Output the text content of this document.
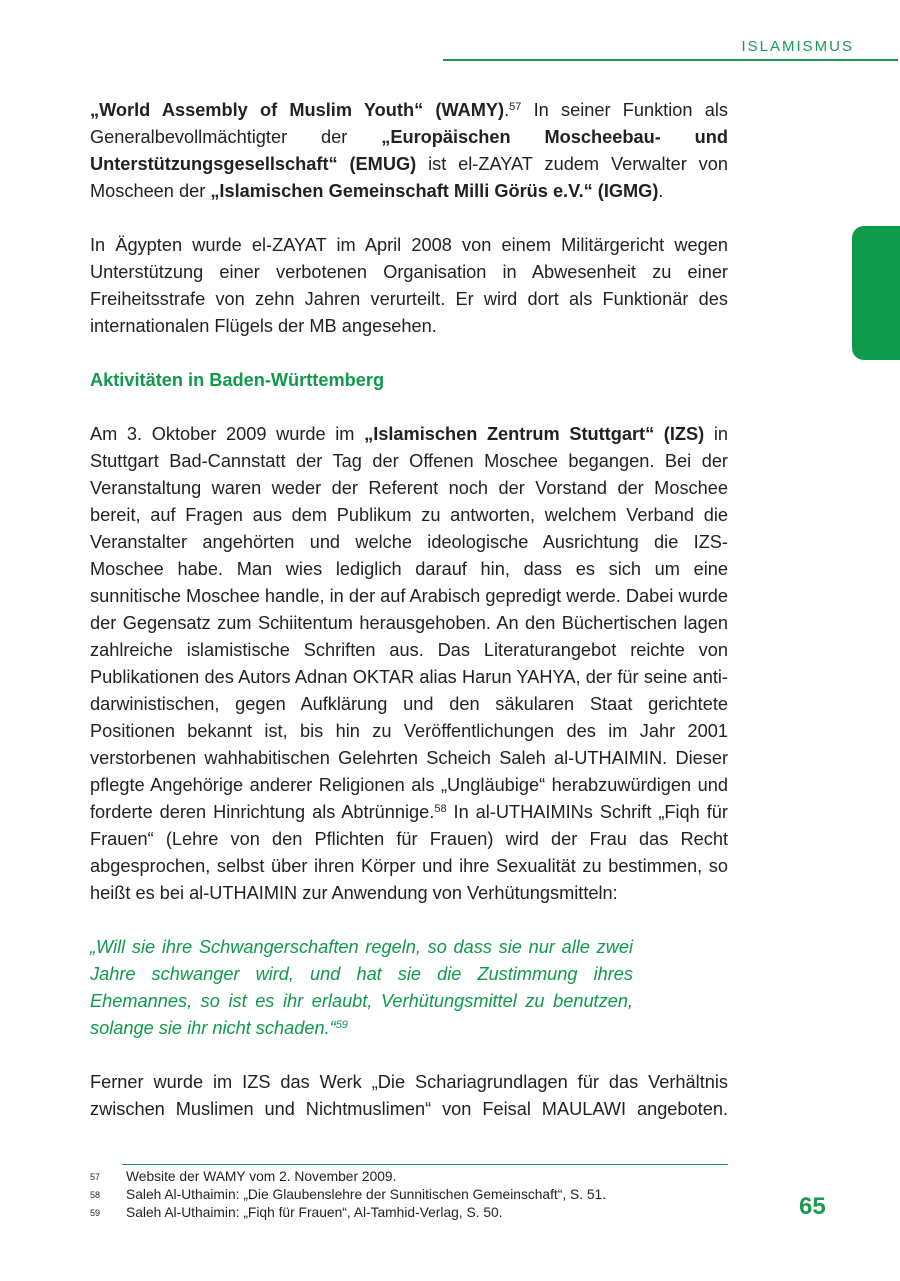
ISLAMISMUS

„World Assembly of Muslim Youth“ (WAMY).$^{57}$ In seiner Funktion als Generalbevollmächtigter der „Europäischen Moscheebau- und Unterstützungsgesellschaft“ (EMUG) ist el-ZAYAT zudem Verwalter von Moscheen der „Islamischen Gemeinschaft Milli Görüs e.V.“ (IGMG).

In Ägypten wurde el-ZAYAT im April 2008 von einem Militärgericht wegen Unterstützung einer verbotenen Organisation in Abwesenheit zu einer Freiheitsstrafe von zehn Jahren verurteilt. Er wird dort als Funktionär des internationalen Flügels der MB angesehen.

Aktivitäten in Baden-Württemberg

Am 3. Oktober 2009 wurde im „Islamischen Zentrum Stuttgart“ (IZS) in Stuttgart Bad-Cannstatt der Tag der Offenen Moschee begangen. Bei der Veranstaltung waren weder der Referent noch der Vorstand der Moschee bereit, auf Fragen aus dem Publikum zu antworten, welchem Verband die Veranstalter angehörten und welche ideologische Ausrichtung die IZS-Moschee habe. Man wies lediglich darauf hin, dass es sich um eine sunnitische Moschee handle, in der auf Arabisch gepredigt werde. Dabei wurde der Gegensatz zum Schiitentum herausgehoben. An den Büchertischen lagen zahlreiche islamistische Schriften aus. Das Literaturangebot reichte von Publikationen des Autors Adnan OKTAR alias Harun YAHYA, der für seine anti-darwinistischen, gegen Aufklärung und den säkularen Staat gerichtete Positionen bekannt ist, bis hin zu Veröffentlichungen des im Jahr 2001 verstorbenen wahhabitischen Gelehrten Scheich Saleh al-UTHAIMIN. Dieser pflegte Angehörige anderer Religionen als „Ungläubige“ herabzuwürdigen und forderte deren Hinrichtung als Abtrünnige.$^{58}$ In al-UTHAIMINs Schrift „Fiqh für Frauen“ (Lehre von den Pflichten für Frauen) wird der Frau das Recht abgesprochen, selbst über ihren Körper und ihre Sexualität zu bestimmen, so heißt es bei al-UTHAIMIN zur Anwendung von Verhütungsmitteln:

„Will sie ihre Schwangerschaften regeln, so dass sie nur alle zwei Jahre schwanger wird, und hat sie die Zustimmung ihres Ehemannes, so ist es ihr erlaubt, Verhütungsmittel zu benutzen, solange sie ihr nicht schaden.“$^{59}$

Ferner wurde im IZS das Werk „Die Schariagrundlagen für das Verhältnis zwischen Muslimen und Nichtmuslimen“ von Feisal MAULAWI angeboten.

57	Website der WAMY vom 2. November 2009.
58	Saleh Al-Uthaimin: „Die Glaubenslehre der Sunnitischen Gemeinschaft“, S. 51.
59	Saleh Al-Uthaimin: „Fiqh für Frauen“, Al-Tamhid-Verlag, S. 50.	65
